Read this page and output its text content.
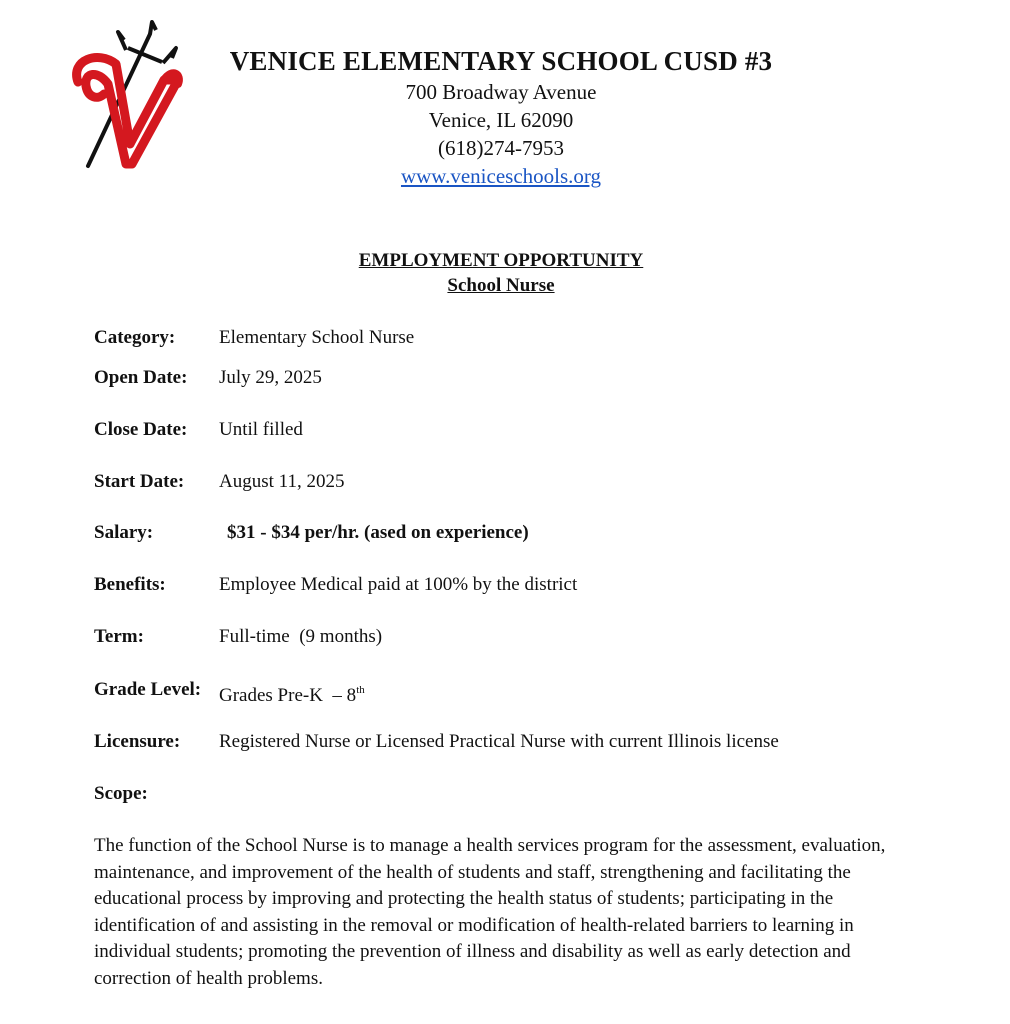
VENICE ELEMENTARY SCHOOL CUSD #3
700 Broadway Avenue
Venice, IL 62090
(618)274-7953
www.veniceschools.org
EMPLOYMENT OPPORTUNITY
School Nurse
Category: Elementary School Nurse
Open Date: July 29, 2025
Close Date: Until filled
Start Date: August 11, 2025
Salary:	$31 - $34 per/hr. (ased on experience)
Benefits:	Employee Medical paid at 100% by the district
Term:	Full-time  (9 months)
Grade Level: Grades Pre-K  – 8th
Licensure: Registered Nurse or Licensed Practical Nurse with current Illinois license
Scope:
The function of the School Nurse is to manage a health services program for the assessment, evaluation, maintenance, and improvement of the health of students and staff, strengthening and facilitating the educational process by improving and protecting the health status of students; participating in the identification of and assisting in the removal or modification of health-related barriers to learning in individual students; promoting the prevention of illness and disability as well as early detection and correction of health problems.
